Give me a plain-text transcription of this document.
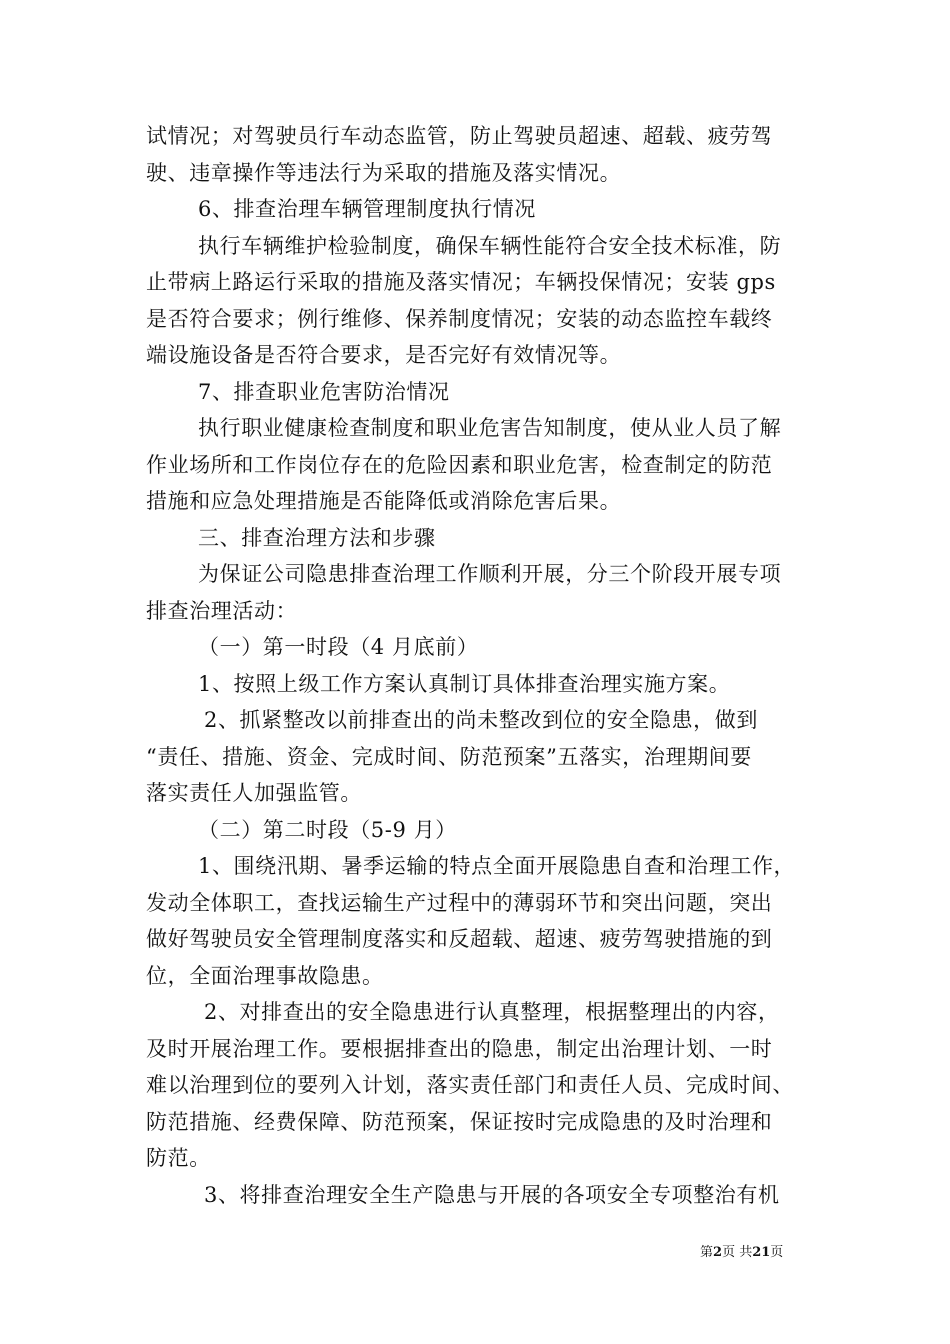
试情况；对驾驶员行车动态监管，防止驾驶员超速、超载、疲劳驾
驶、违章操作等违法行为采取的措施及落实情况。
6、排查治理车辆管理制度执行情况
执行车辆维护检验制度，确保车辆性能符合安全技术标准，防
止带病上路运行采取的措施及落实情况；车辆投保情况；安装 gps
是否符合要求；例行维修、保养制度情况；安装的动态监控车载终
端设施设备是否符合要求，是否完好有效情况等。
7、排查职业危害防治情况
执行职业健康检查制度和职业危害告知制度，使从业人员了解
作业场所和工作岗位存在的危险因素和职业危害，检查制定的防范
措施和应急处理措施是否能降低或消除危害后果。
三、排查治理方法和步骤
为保证公司隐患排查治理工作顺利开展，分三个阶段开展专项
排查治理活动：
（一）第一时段（4 月底前）
1、按照上级工作方案认真制订具体排查治理实施方案。
2、抓紧整改以前排查出的尚未整改到位的安全隐患，做到
“责任、措施、资金、完成时间、防范预案”五落实，治理期间要
落实责任人加强监管。
（二）第二时段（5-9 月）
1、围绕汛期、暑季运输的特点全面开展隐患自查和治理工作，
发动全体职工，查找运输生产过程中的薄弱环节和突出问题，突出
做好驾驶员安全管理制度落实和反超载、超速、疲劳驾驶措施的到
位，全面治理事故隐患。
2、对排查出的安全隐患进行认真整理，根据整理出的内容，
及时开展治理工作。要根据排查出的隐患，制定出治理计划、一时
难以治理到位的要列入计划，落实责任部门和责任人员、完成时间、
防范措施、经费保障、防范预案，保证按时完成隐患的及时治理和
防范。
3、将排查治理安全生产隐患与开展的各项安全专项整治有机
第2页 共21页
